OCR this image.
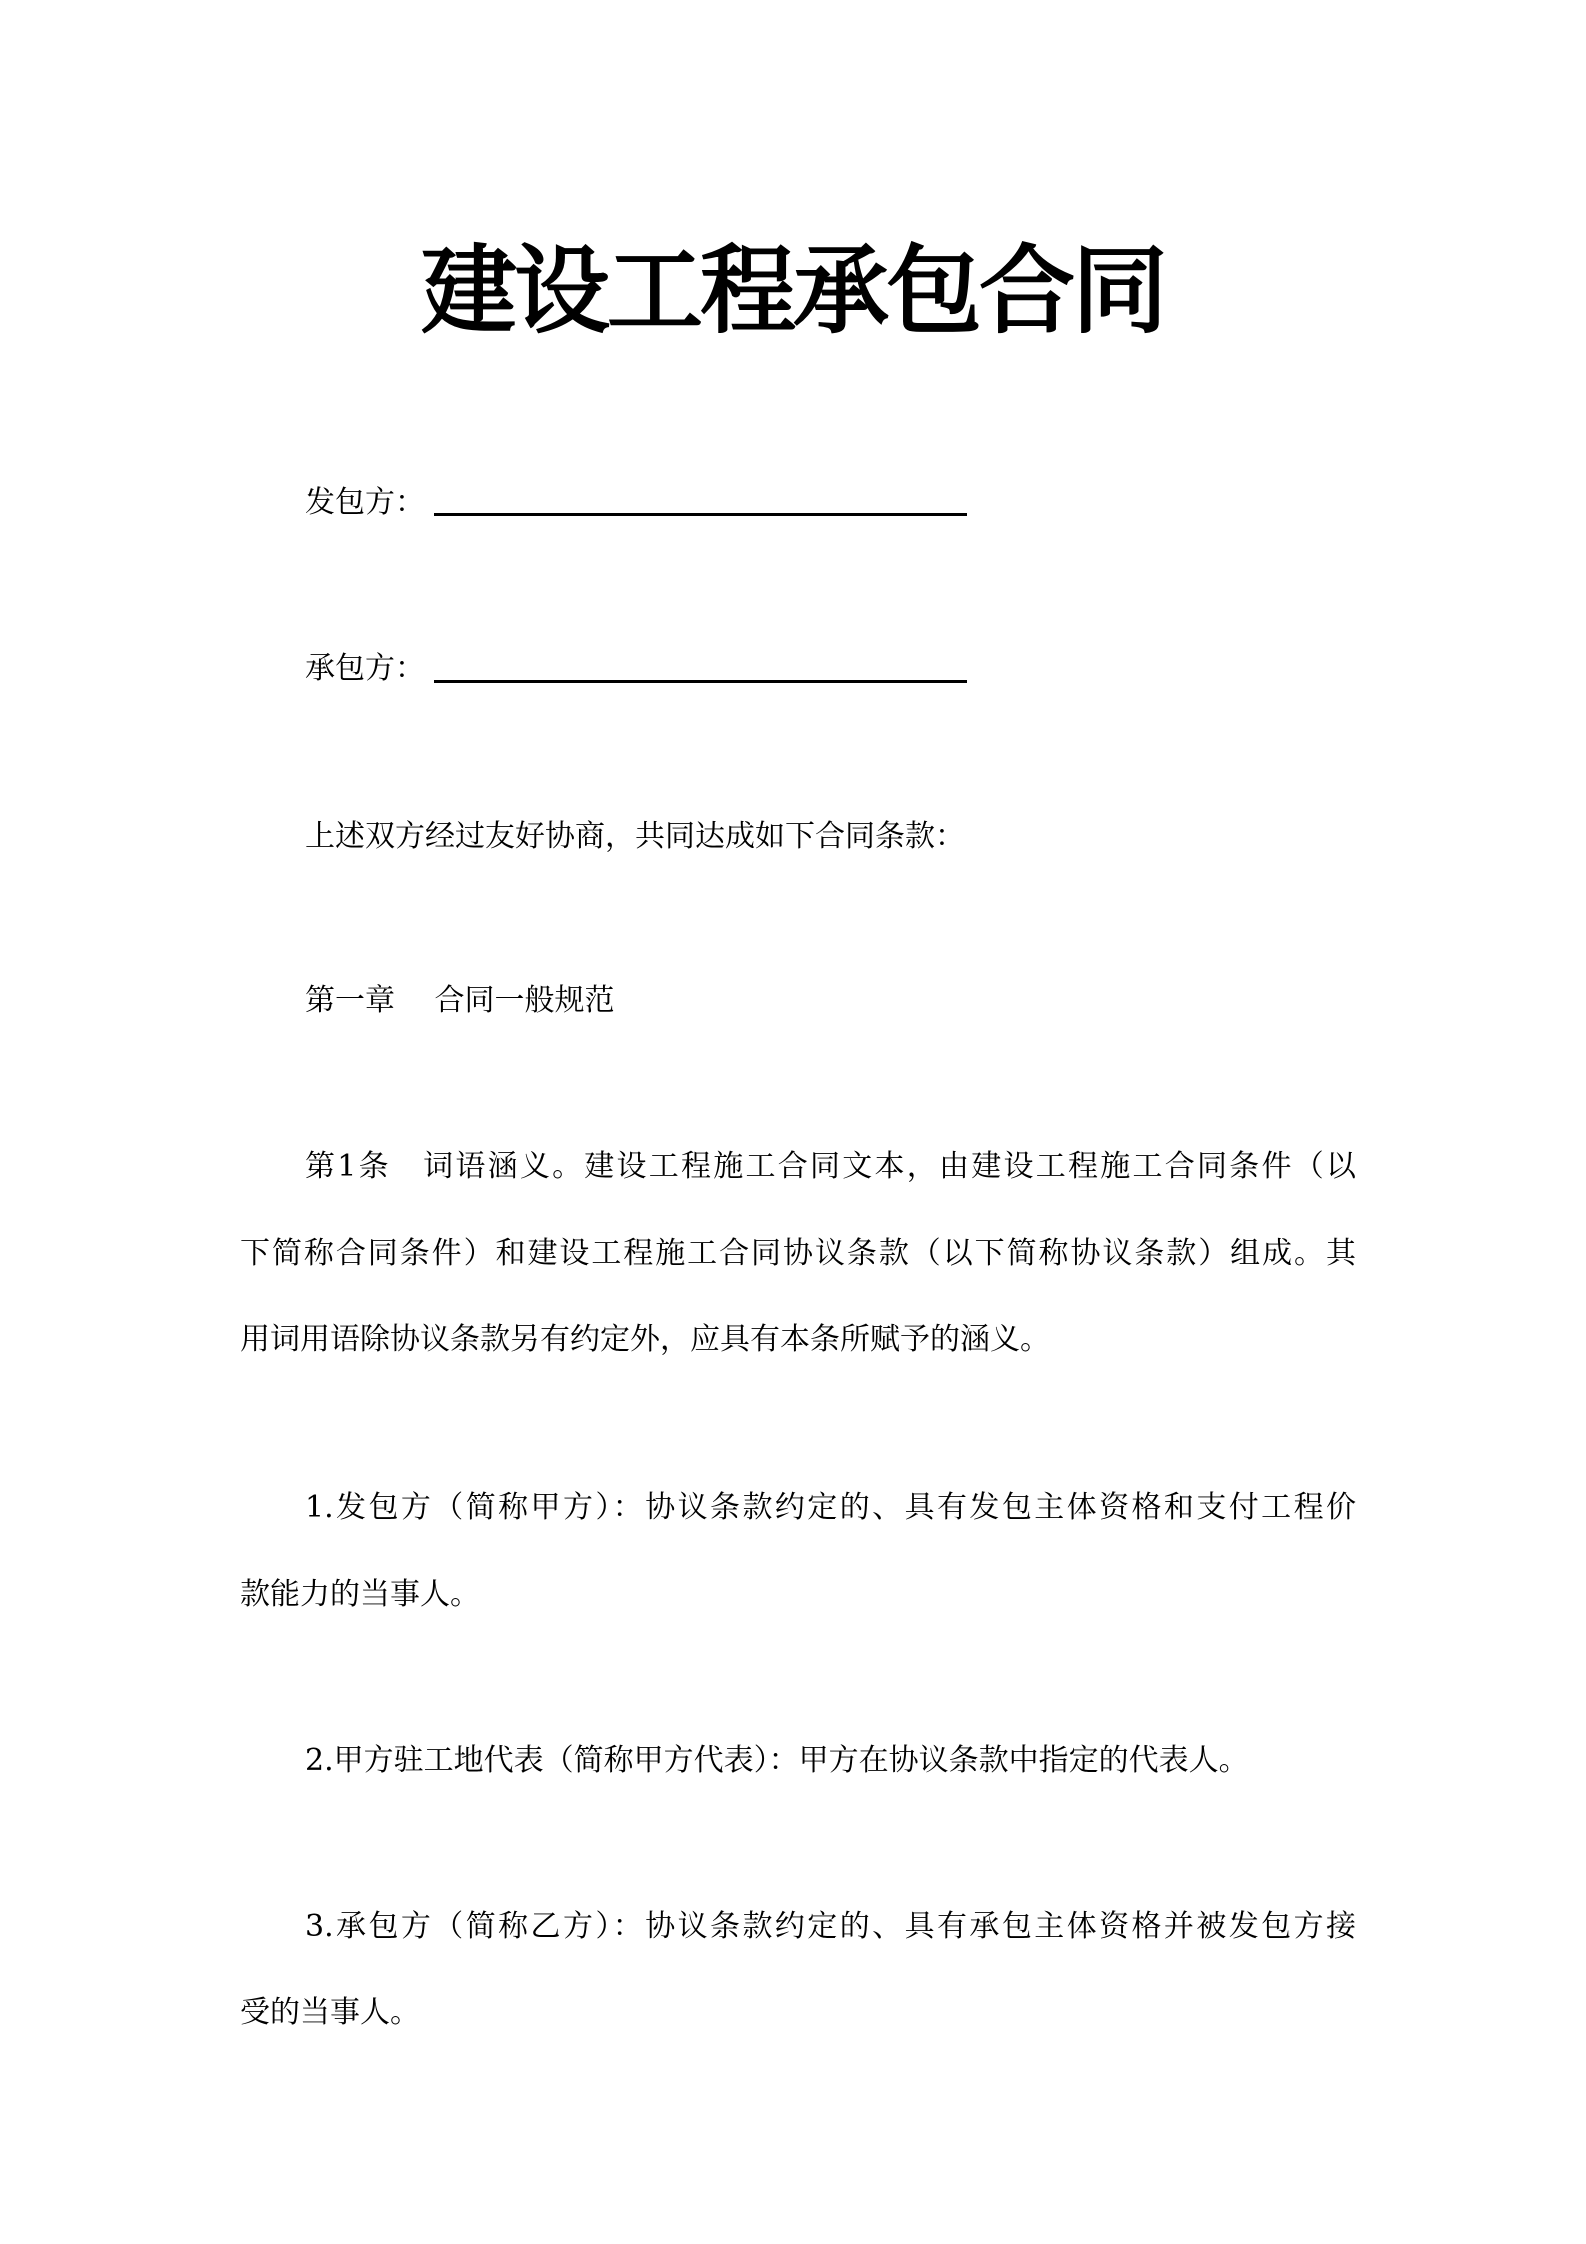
建设工程承包合同
发包方：
承包方：
上述双方经过友好协商，共同达成如下合同条款：
第一章　 合同一般规范
第1条　词语涵义。建设工程施工合同文本，由建设工程施工合同条件（以
下简称合同条件）和建设工程施工合同协议条款（以下简称协议条款）组成。其
用词用语除协议条款另有约定外，应具有本条所赋予的涵义。
1.发包方（简称甲方）：协议条款约定的、具有发包主体资格和支付工程价
款能力的当事人。
2.甲方驻工地代表（简称甲方代表）：甲方在协议条款中指定的代表人。
3.承包方（简称乙方）：协议条款约定的、具有承包主体资格并被发包方接
受的当事人。
